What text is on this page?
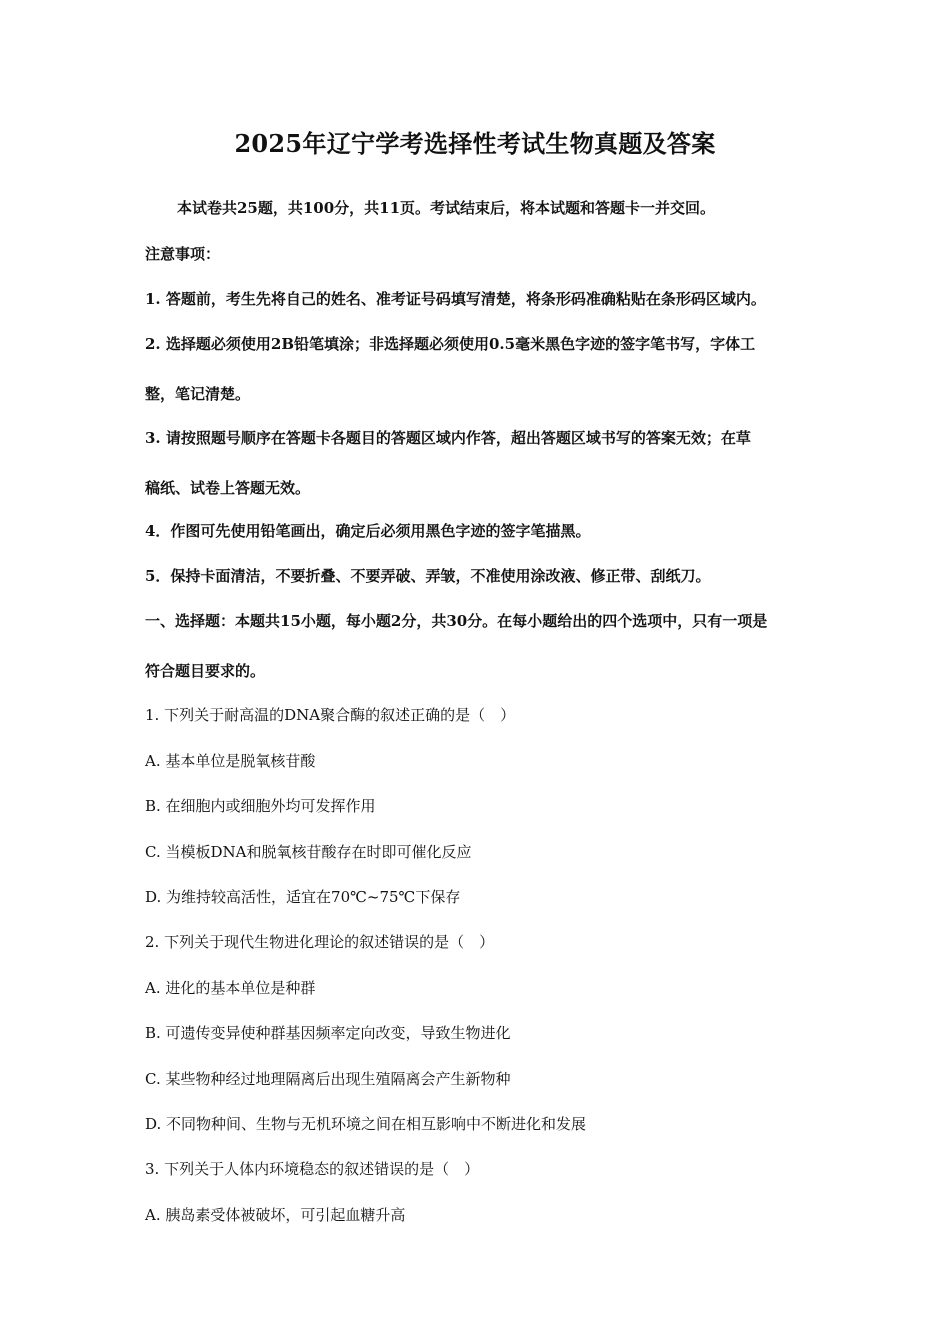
2025年辽宁学考选择性考试生物真题及答案
本试卷共25题，共100分，共11页。考试结束后，将本试题和答题卡一并交回。
注意事项：
1. 答题前，考生先将自己的姓名、准考证号码填写清楚，将条形码准确粘贴在条形码区域内。
2. 选择题必须使用2B铅笔填涂；非选择题必须使用0.5毫米黑色字迹的签字笔书写，字体工
整，笔记清楚。
3. 请按照题号顺序在答题卡各题目的答题区域内作答，超出答题区域书写的答案无效；在草
稿纸、试卷上答题无效。
4．作图可先使用铅笔画出，确定后必须用黑色字迹的签字笔描黑。
5．保持卡面清洁，不要折叠、不要弄破、弄皱，不准使用涂改液、修正带、刮纸刀。
一、选择题：本题共15小题，每小题2分，共30分。在每小题给出的四个选项中，只有一项是
符合题目要求的。
1. 下列关于耐高温的DNA聚合酶的叙述正确的是（　）
A. 基本单位是脱氧核苷酸
B. 在细胞内或细胞外均可发挥作用
C. 当模板DNA和脱氧核苷酸存在时即可催化反应
D. 为维持较高活性，适宜在70℃~75℃下保存
2. 下列关于现代生物进化理论的叙述错误的是（　）
A. 进化的基本单位是种群
B. 可遗传变异使种群基因频率定向改变，导致生物进化
C. 某些物种经过地理隔离后出现生殖隔离会产生新物种
D. 不同物种间、生物与无机环境之间在相互影响中不断进化和发展
3. 下列关于人体内环境稳态的叙述错误的是（　）
A. 胰岛素受体被破坏，可引起血糖升高
